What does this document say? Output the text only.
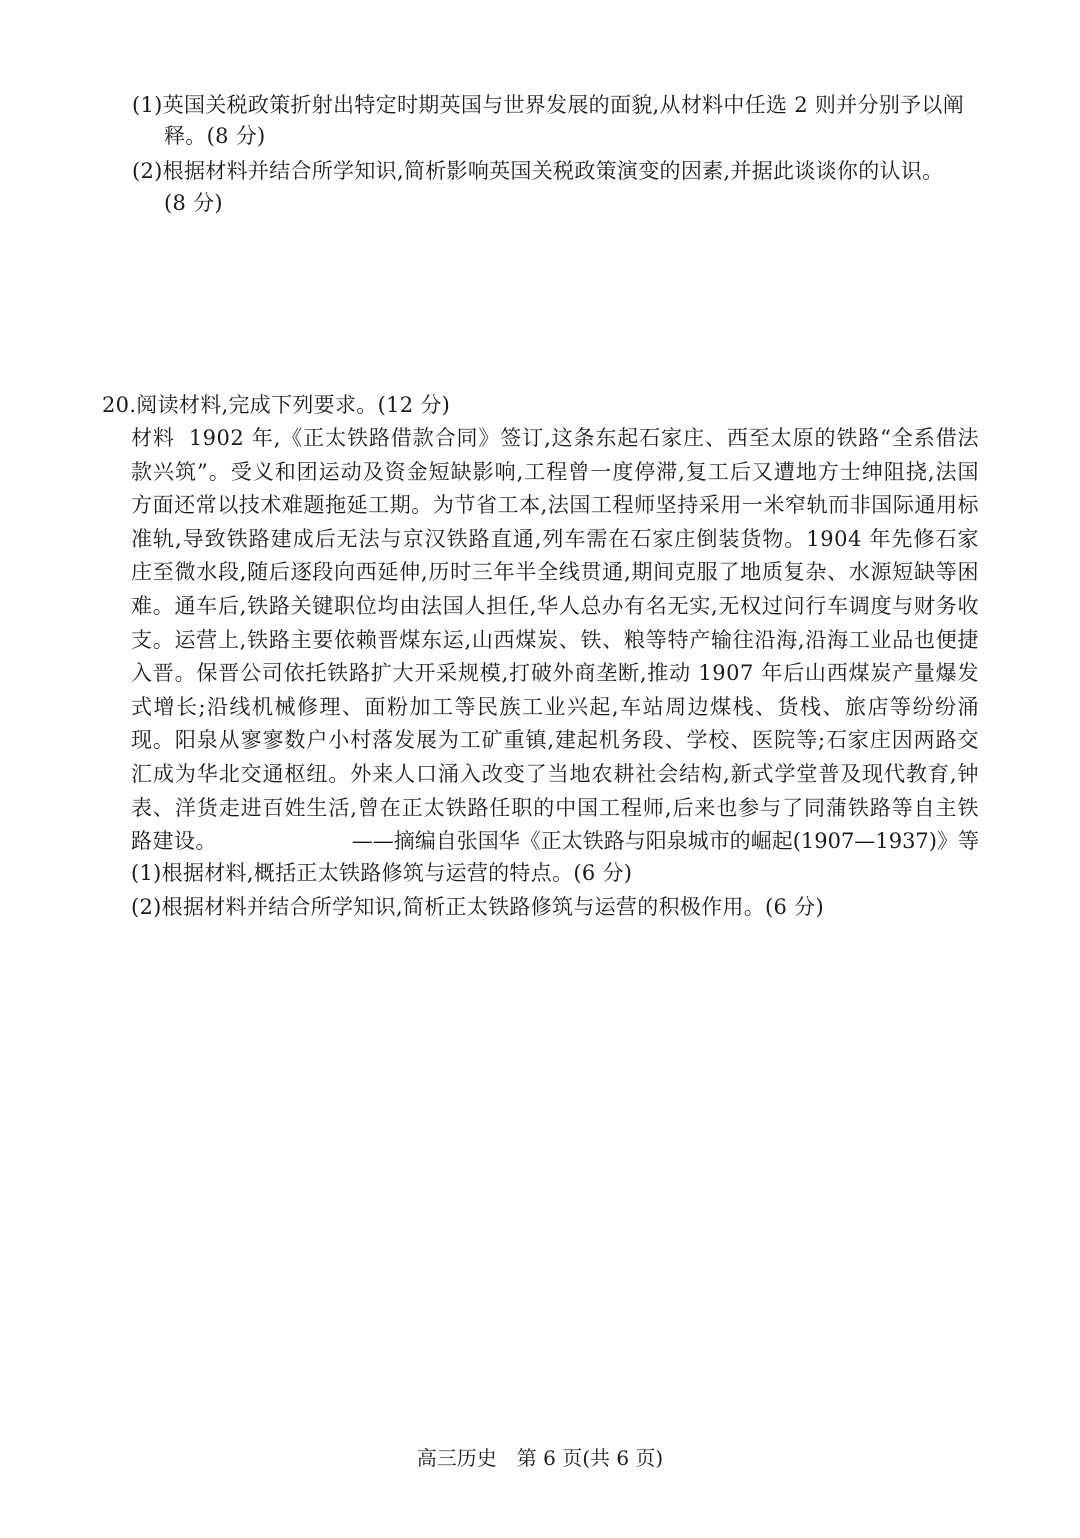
(1)英国关税政策折射出特定时期英国与世界发展的面貌,从材料中任选 2 则并分别予以阐
释。(8 分)
(2)根据材料并结合所学知识,简析影响英国关税政策演变的因素,并据此谈谈你的认识。
(8 分)
20.阅读材料,完成下列要求。(12 分)
材料 1902 年,《正太铁路借款合同》签订,这条东起石家庄、西至太原的铁路“全系借法款兴筑”。受义和团运动及资金短缺影响,工程曾一度停滞,复工后又遭地方士绅阻挠,法国方面还常以技术难题拖延工期。为节省工本,法国工程师坚持采用一米窄轨而非国际通用标准轨,导致铁路建成后无法与京汉铁路直通,列车需在石家庄倒装货物。1904 年先修石家庄至微水段,随后逐段向西延伸,历时三年半全线贯通,期间克服了地质复杂、水源短缺等困难。通车后,铁路关键职位均由法国人担任,华人总办有名无实,无权过问行车调度与财务收支。运营上,铁路主要依赖晋煤东运,山西煤炭、铁、粮等特产输往沿海,沿海工业品也便捷入晋。保晋公司依托铁路扩大开采规模,打破外商垄断,推动 1907 年后山西煤炭产量爆发式增长;沿线机械修理、面粉加工等民族工业兴起,车站周边煤栈、货栈、旅店等纷纷涌现。阳泉从寥寥数户小村落发展为工矿重镇,建起机务段、学校、医院等;石家庄因两路交汇成为华北交通枢纽。外来人口涌入改变了当地农耕社会结构,新式学堂普及现代教育,钟表、洋货走进百姓生活,曾在正太铁路任职的中国工程师,后来也参与了同蒲铁路等自主铁路建设。	——摘编自张国华《正太铁路与阳泉城市的崛起(1907—1937)》等
(1)根据材料,概括正太铁路修筑与运营的特点。(6 分)
(2)根据材料并结合所学知识,简析正太铁路修筑与运营的积极作用。(6 分)
高三历史 第 6 页(共 6 页)
